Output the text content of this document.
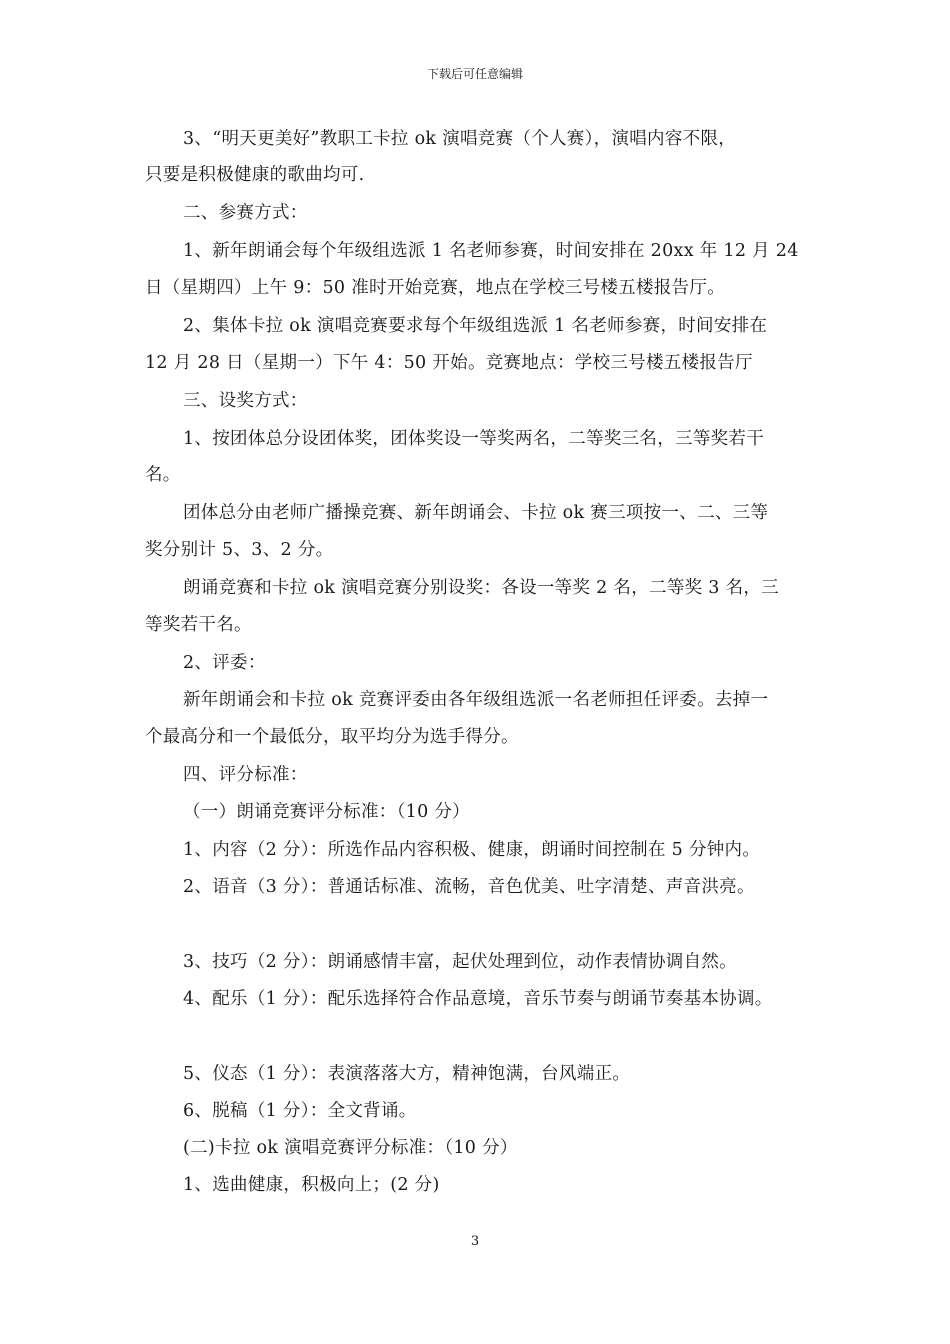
下载后可任意编辑
3、“明天更美好”教职工卡拉 ok 演唱竞赛（个人赛），演唱内容不限，
只要是积极健康的歌曲均可.
二、参赛方式：
1、新年朗诵会每个年级组选派 1 名老师参赛，时间安排在 20xx 年 12 月 24
日（星期四）上午 9：50 准时开始竞赛，地点在学校三号楼五楼报告厅。
2、集体卡拉 ok 演唱竞赛要求每个年级组选派 1 名老师参赛，时间安排在
12 月 28 日（星期一）下午 4：50 开始。竞赛地点：学校三号楼五楼报告厅
三、设奖方式：
1、按团体总分设团体奖，团体奖设一等奖两名，二等奖三名，三等奖若干
名。
团体总分由老师广播操竞赛、新年朗诵会、卡拉 ok 赛三项按一、二、三等
奖分别计 5、3、2 分。
朗诵竞赛和卡拉 ok 演唱竞赛分别设奖：各设一等奖 2 名，二等奖 3 名，三
等奖若干名。
2、评委：
新年朗诵会和卡拉 ok 竞赛评委由各年级组选派一名老师担任评委。去掉一
个最高分和一个最低分，取平均分为选手得分。
四、评分标准：
（一）朗诵竞赛评分标准：（10 分）
1、内容（2 分）：所选作品内容积极、健康，朗诵时间控制在 5 分钟内。
2、语音（3 分）：普通话标准、流畅，音色优美、吐字清楚、声音洪亮。
3、技巧（2 分）：朗诵感情丰富，起伏处理到位，动作表情协调自然。
4、配乐（1 分）：配乐选择符合作品意境，音乐节奏与朗诵节奏基本协调。
5、仪态（1 分）：表演落落大方，精神饱满，台风端正。
6、脱稿（1 分）：全文背诵。
(二)卡拉 ok 演唱竞赛评分标准：（10 分）
1、选曲健康，积极向上；(2 分)
3
